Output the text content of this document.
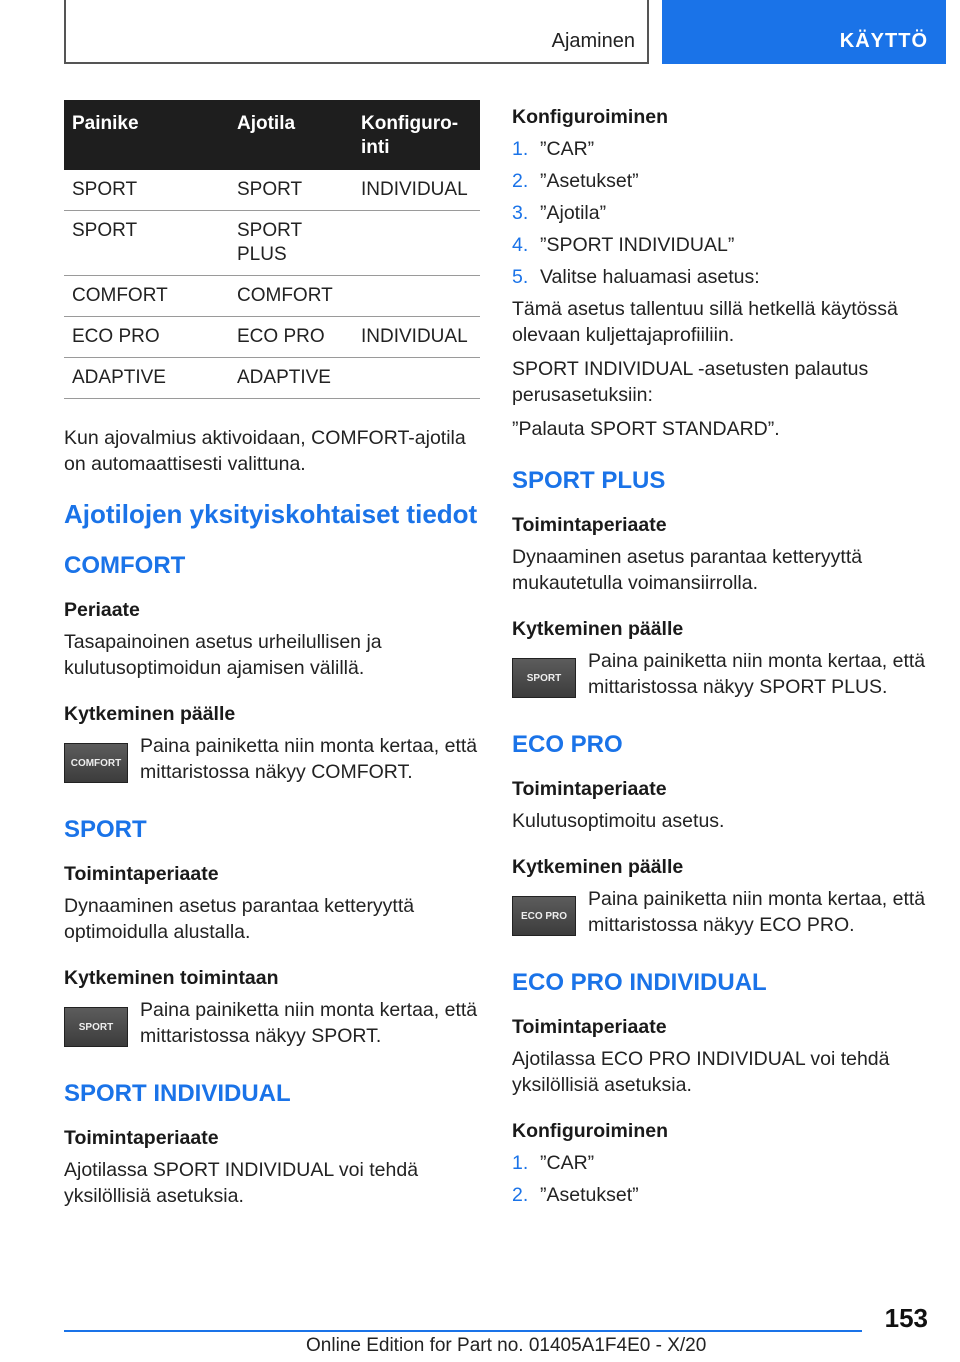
Ajaminen	KÄYTTÖ
Painike	Ajotila	Konfiguro-
inti
SPORT	SPORT	INDIVIDUAL
SPORT	SPORT PLUS	
COMFORT	COMFORT	
ECO PRO	ECO PRO	INDIVIDUAL
ADAPTIVE	ADAPTIVE	

Kun ajovalmius aktivoidaan, COMFORT-ajotila on automaattisesti valittuna.

Ajotilojen yksityiskohtaiset tiedot
COMFORT
Periaate

Tasapainoinen asetus urheilullisen ja kulutusoptimoidun ajamisen välillä.

Kytkeminen päälle
COMFORT

Paina painiketta niin monta kertaa, että mittaristossa näkyy COMFORT.

SPORT
Toimintaperiaate

Dynaaminen asetus parantaa ketteryyttä optimoidulla alustalla.

Kytkeminen toimintaan
SPORT

Paina painiketta niin monta kertaa, että mittaristossa näkyy SPORT.

SPORT INDIVIDUAL
Toimintaperiaate

Ajotilassa SPORT INDIVIDUAL voi tehdä yksilöllisiä asetuksia.

Konfiguroiminen
1. ”CAR”
2. ”Asetukset”
3. ”Ajotila”
4. ”SPORT INDIVIDUAL”
5. Valitse haluamasi asetus:

Tämä asetus tallentuu sillä hetkellä käytössä olevaan kuljettajaprofiiliin.

SPORT INDIVIDUAL -asetusten palautus perusasetuksiin:

”Palauta SPORT STANDARD”.

SPORT PLUS
Toimintaperiaate

Dynaaminen asetus parantaa ketteryyttä mukautetulla voimansiirrolla.

Kytkeminen päälle
SPORT

Paina painiketta niin monta kertaa, että mittaristossa näkyy SPORT PLUS.

ECO PRO
Toimintaperiaate

Kulutusoptimoitu asetus.

Kytkeminen päälle
ECO PRO

Paina painiketta niin monta kertaa, että mittaristossa näkyy ECO PRO.

ECO PRO INDIVIDUAL
Toimintaperiaate

Ajotilassa ECO PRO INDIVIDUAL voi tehdä yksilöllisiä asetuksia.

Konfiguroiminen
1. ”CAR”
2. ”Asetukset”
153
Online Edition for Part no. 01405A1F4E0 - X/20
